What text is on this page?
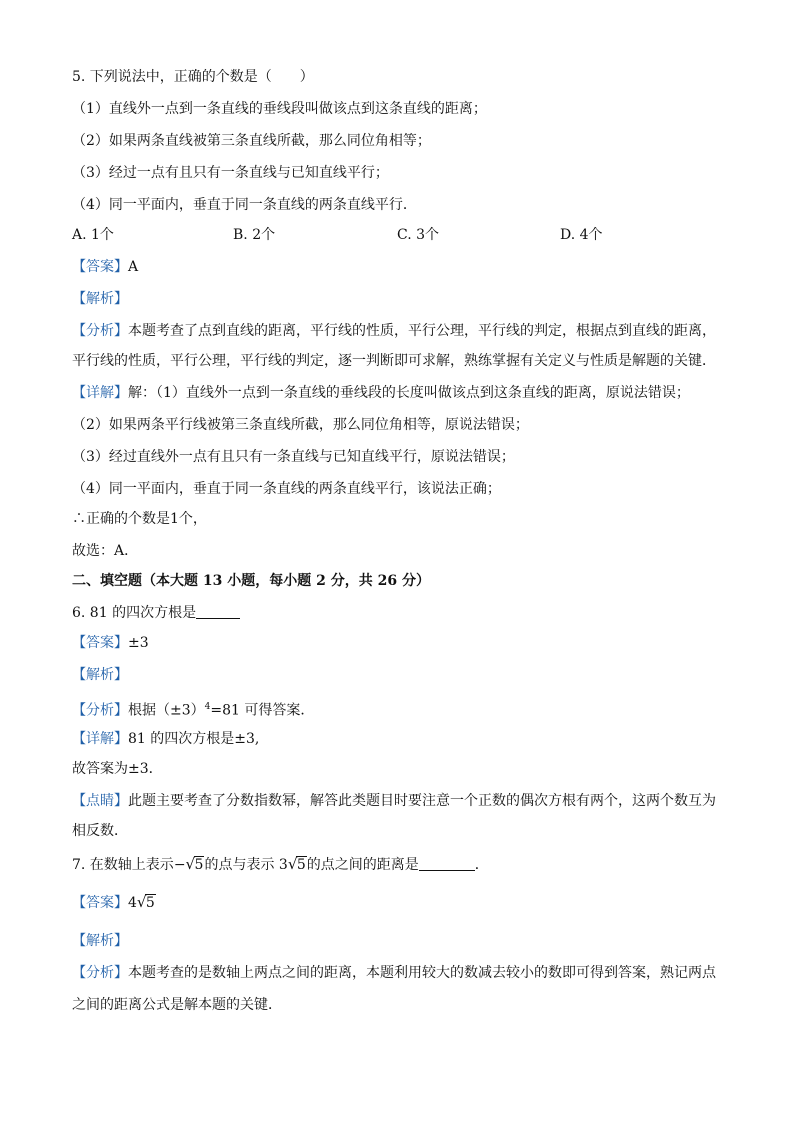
5. 下列说法中，正确的个数是（　　）
（1）直线外一点到一条直线的垂线段叫做该点到这条直线的距离；
（2）如果两条直线被第三条直线所截，那么同位角相等；
（3）经过一点有且只有一条直线与已知直线平行；
（4）同一平面内，垂直于同一条直线的两条直线平行．
A. 1个	B. 2个	C. 3个	D. 4个
【答案】A
【解析】
【分析】本题考查了点到直线的距离，平行线的性质，平行公理，平行线的判定，根据点到直线的距离，
平行线的性质，平行公理，平行线的判定，逐一判断即可求解，熟练掌握有关定义与性质是解题的关键．
【详解】解：（1）直线外一点到一条直线的垂线段的长度叫做该点到这条直线的距离，原说法错误；
（2）如果两条平行线被第三条直线所截，那么同位角相等，原说法错误；
（3）经过直线外一点有且只有一条直线与已知直线平行，原说法错误；
（4）同一平面内，垂直于同一条直线的两条直线平行，该说法正确；
∴正确的个数是1个，
故选：A．
二、填空题（本大题 13 小题，每小题 2 分，共 26 分）
6. 81 的四次方根是
【答案】±3
【解析】
【分析】根据$(\pm 3)^4=81$ 可得答案．
【详解】81 的四次方根是±3,
故答案为±3．
【点睛】此题主要考查了分数指数幂，解答此类题目时要注意一个正数的偶次方根有两个，这两个数互为
相反数．
7. 在数轴上表示− √ 5的点与表示 3 √ 5的点之间的距离是	．
【答案】4 √ 5
【解析】
【分析】本题考查的是数轴上两点之间的距离，本题利用较大的数减去较小的数即可得到答案，熟记两点
之间的距离公式是解本题的关键．
